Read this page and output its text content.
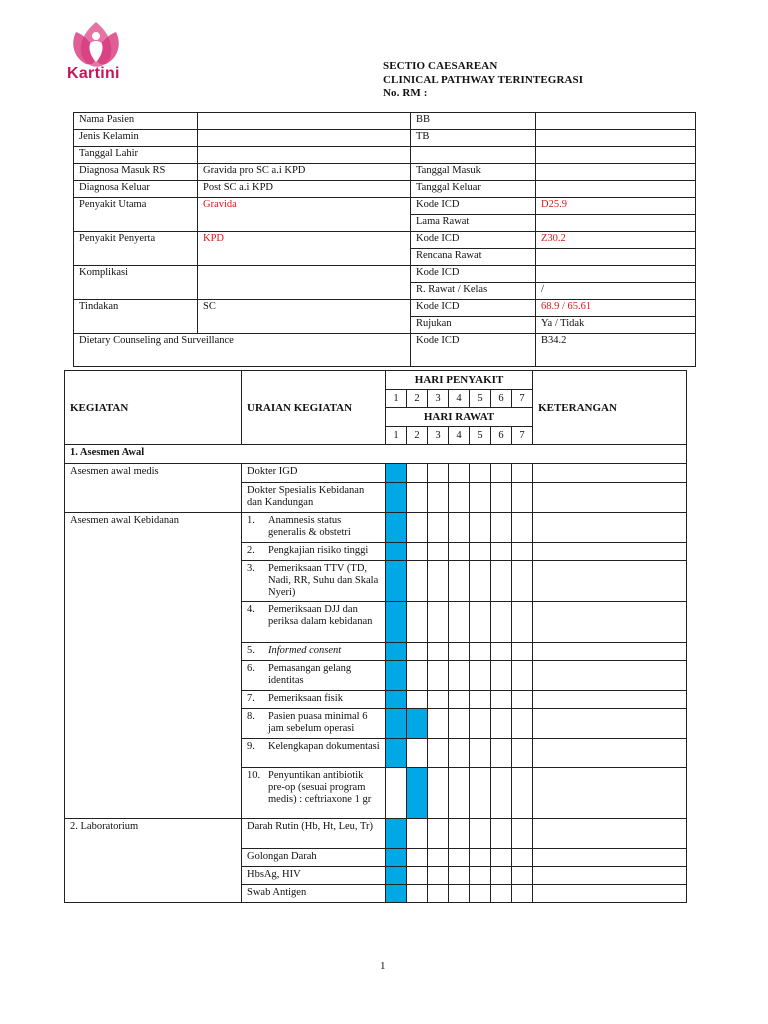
Kartini	SECTIO CAESAREAN
CLINICAL PATHWAY TERINTEGRASI
No. RM :
Nama Pasien		BB	
Jenis Kelamin		TB	
Tanggal Lahir			
Diagnosa Masuk RS	Gravida pro SC a.i KPD	Tanggal Masuk	
Diagnosa Keluar	Post SC a.i KPD	Tanggal Keluar	
Penyakit Utama	Gravida	Kode ICD	D25.9
		Lama Rawat	
Penyakit Penyerta	KPD	Kode ICD	Z30.2
		Rencana Rawat	
Komplikasi		Kode ICD	
		R. Rawat / Kelas	/
Tindakan	SC	Kode ICD	68.9 / 65.61
		Rujukan	Ya / Tidak
Dietary Counseling and Surveillance		Kode ICD	B34.2
KEGIATAN	URAIAN KEGIATAN	HARI PENYAKIT							KETERANGAN
		1	2	3	4	5	6	7	
		HARI RAWAT							
		1	2	3	4	5	6	7	
1. Asesmen Awal									
Asesmen awal medis	Dokter IGD								

	Dokter Spesialis Kebidanan dan Kandungan								

Asesmen awal Kebidanan	1. Anamnesis status generalis & obstetri								

	2. Pengkajian risiko tinggi								

	3. Pemeriksaan TTV (TD, Nadi, RR, Suhu dan Skala Nyeri)								

	4. Pemeriksaan DJJ dan periksa dalam kebidanan								

	5. Informed consent								

	6. Pemasangan gelang identitas								

	7. Pemeriksaan fisik								

	8. Pasien puasa minimal 6 jam sebelum operasi								

	9. Kelengkapan dokumentasi								

	10. Penyuntikan antibiotik pre-op (sesuai program medis) : ceftriaxone 1 gr								

2. Laboratorium	Darah Rutin (Hb, Ht, Leu, Tr)								

	Golongan Darah								

	HbsAg, HIV								

	Swab Antigen								

1
